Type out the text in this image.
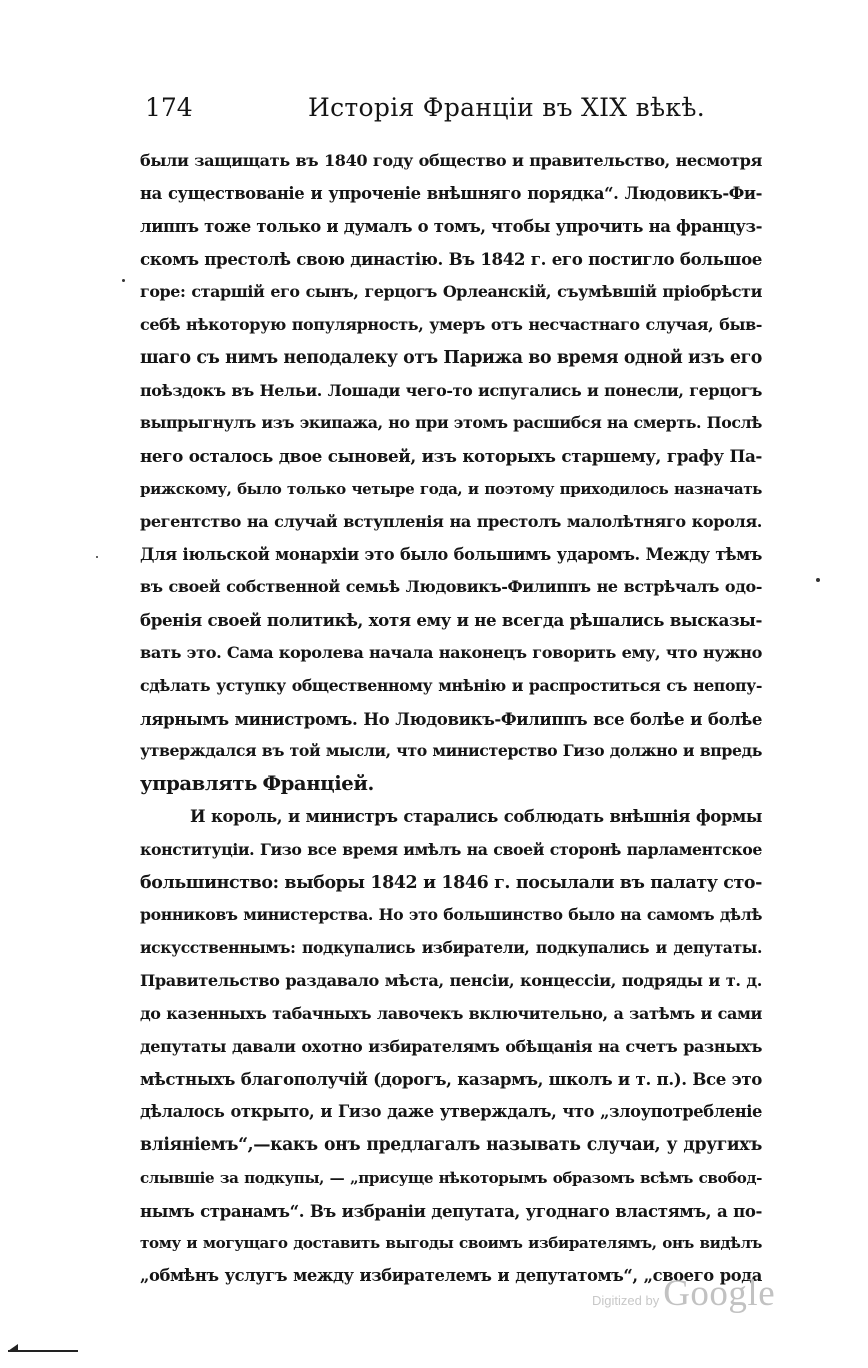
174	Исторія Франціи въ XIX вѣкѣ.
были защищать въ 1840 году общество и правительство, несмотря
на существованіе и упроченіе внѣшняго порядка“. Людовикъ-Фи-
липпъ тоже только и думалъ о томъ, чтобы упрочить на француз-
скомъ престолѣ свою династію. Въ 1842 г. его постигло большое
горе: старшій его сынъ, герцогъ Орлеанскій, съумѣвшій пріобрѣсти
себѣ нѣкоторую популярность, умеръ отъ несчастнаго случая, быв-
шаго съ нимъ неподалеку отъ Парижа во время одной изъ его
поѣздокъ въ Нельи. Лошади чего-то испугались и понесли, герцогъ
выпрыгнулъ изъ экипажа, но при этомъ расшибся на смерть. Послѣ
него осталось двое сыновей, изъ которыхъ старшему, графу Па-
рижскому, было только четыре года, и поэтому приходилось назначать
регентство на случай вступленія на престолъ малолѣтняго короля.
Для іюльской монархіи это было большимъ ударомъ. Между тѣмъ
въ своей собственной семьѣ Людовикъ-Филиппъ не встрѣчалъ одо-
бренія своей политикѣ, хотя ему и не всегда рѣшались высказы-
вать это. Сама королева начала наконецъ говорить ему, что нужно
сдѣлать уступку общественному мнѣнію и распроститься съ непопу-
лярнымъ министромъ. Но Людовикъ-Филиппъ все болѣе и болѣе
утверждался въ той мысли, что министерство Гизо должно и впредь
управлять Франціей.
И король, и министръ старались соблюдать внѣшнія формы
конституціи. Гизо все время имѣлъ на своей сторонѣ парламентское
большинство: выборы 1842 и 1846 г. посылали въ палату сто-
ронниковъ министерства. Но это большинство было на самомъ дѣлѣ
искусственнымъ: подкупались избиратели, подкупались и депутаты.
Правительство раздавало мѣста, пенсіи, концессіи, подряды и т. д.
до казенныхъ табачныхъ лавочекъ включительно, а затѣмъ и сами
депутаты давали охотно избирателямъ обѣщанія на счетъ разныхъ
мѣстныхъ благополучій (дорогъ, казармъ, школъ и т. п.). Все это
дѣлалось открыто, и Гизо даже утверждалъ, что „злоупотребленіе
вліяніемъ“,—какъ онъ предлагалъ называть случаи, у другихъ
слывшіе за подкупы, — „присуще нѣкоторымъ образомъ всѣмъ свобод-
нымъ странамъ“. Въ избраніи депутата, угоднаго властямъ, а по-
тому и могущаго доставить выгоды своимъ избирателямъ, онъ видѣлъ
„обмѣнъ услугъ между избирателемъ и депутатомъ“, „своего рода
Digitized by Google
